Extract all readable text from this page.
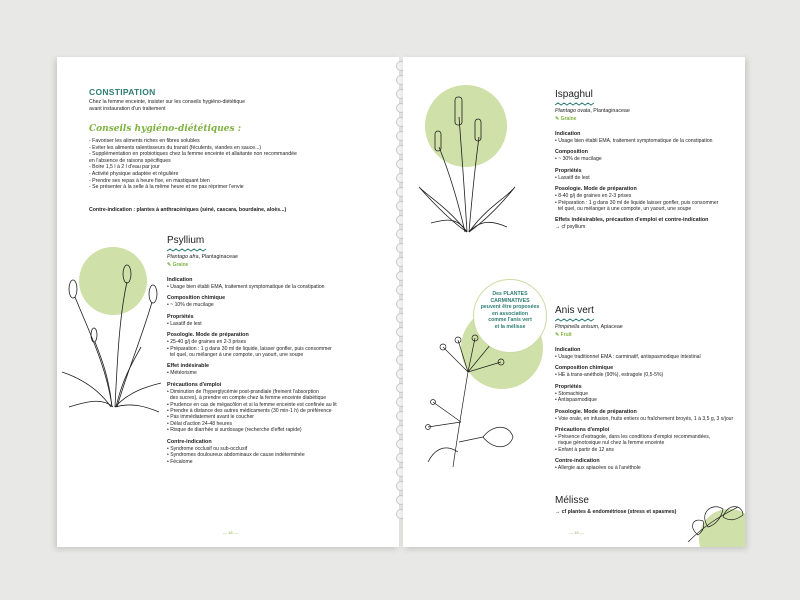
CONSTIPATION
Chez la femme enceinte, insister sur les conseils hygiéno-diététique
avant instauration d'un traitement
Conseils hygiéno-diététiques :
- Favoriser les aliments riches en fibres solubles
- Eviter les aliments ralentisseurs du transit (féculents, viandes en sauce...)
- Supplémentation en probiotiques chez la femme enceinte et allaitante non recommandée
en l'absence de raisons spécifiques
- Boire 1,5 l à 2 l d'eau par jour
- Activité physique adaptée et régulière
- Prendre ses repas à heure fixe, en mastiquant bien
- Se présenter à la selle à la même heure et ne pas réprimer l'envie
Contre-indication : plantes à anthracéniques (séné, cascara, bourdaine, aloès...)
Psyllium
Plantago afra, Plantaginaceae
✎ Graine
Indication
• Usage bien établi EMA, traitement symptomatique de la constipation
Composition chimique
• ~ 10% de mucilage
Propriétés
• Laxatif de lest
Posologie. Mode de préparation
• 25-40 g/j de graines en 2-3 prises
• Préparation : 1 g dans 30 ml de liquide, laisser gonfler, puis consommer
tel quel, ou mélanger à une compote, un yaourt, une soupe
Effet indésirable
• Météorisme
Précautions d'emploi
• Diminution de l'hyperglycémie post-prandiale (freinent l'absorption
des sucres), à prendre en compte chez la femme enceinte diabétique
• Prudence en cas de mégacôlon et si la femme enceinte est confinée au lit
• Prendre à distance des autres médicaments (30 min-1 h) de préférence
• Pas immédiatement avant le coucher
• Délai d'action 24-48 heures
• Risque de diarrhée si surdosage (recherche d'effet rapide)
Contre-indication
• Syndrome occlusif ou sub-occlusif
• Syndromes douloureux abdominaux de cause indéterminée
• Fécalome
— 18 —
Ispaghul
Plantago ovata, Plantaginaceae
✎ Graine
Indication
• Usage bien établi EMA, traitement symptomatique de la constipation
Composition
• ~ 30% de mucilage
Propriétés
• Laxatif de lest
Posologie. Mode de préparation
• 8-40 g/j de graines en 2-3 prises
• Préparation : 1 g dans 30 ml de liquide laisser gonfler, puis consommer
tel quel, ou mélanger à une compote, un yaourt, une soupe
Effets indésirables, précaution d'emploi et contre-indication
→ cf psyllium
Des PLANTES
CARMINATIVES
peuvent être proposées
en association
comme l'anis vert
et la mélisse
Anis vert
Pimpinella anisum, Apiaceae
✎ Fruit
Indication
• Usage traditionnel EMA : carminatif, antispasmodique intestinal
Composition chimique
• HE à trans-anéthole (90%), estragole (0,5-5%)
Propriétés
• Stomachique
• Antispasmodique
Posologie. Mode de préparation
• Voie orale, en infusion, fruits entiers ou fraîchement broyés, 1 à 3,5 g, 3 x/jour
Précautions d'emploi
• Présence d'estragole, dans les conditions d'emploi recommandées,
risque génotoxique nul chez la femme enceinte
• Enfant à partir de 12 ans
Contre-indication
• Allergie aux apiacées ou à l'anéthole
Mélisse
→ cf plantes & endométriose (stress et spasmes)
— 19 —
